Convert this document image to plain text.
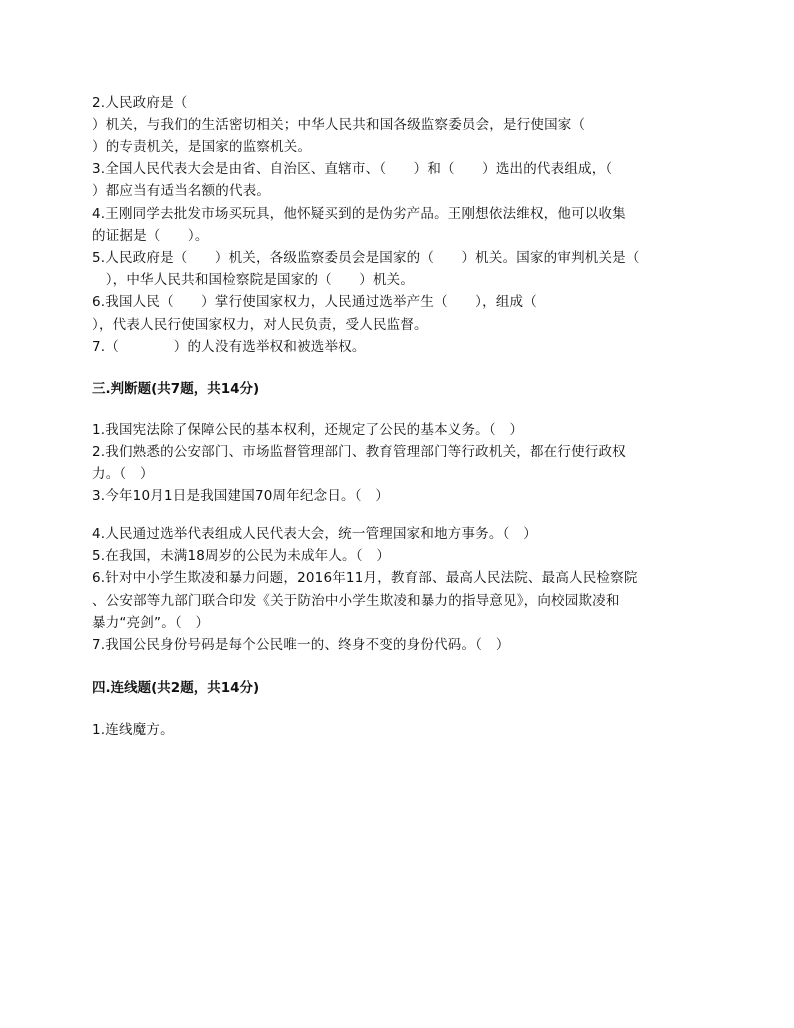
2.人民政府是（
）机关，与我们的生活密切相关；中华人民共和国各级监察委员会，是行使国家（
）的专责机关，是国家的监察机关。
3.全国人民代表大会是由省、自治区、直辖市、（　　）和（　　）选出的代表组成，（
）都应当有适当名额的代表。
4.王刚同学去批发市场买玩具，他怀疑买到的是伪劣产品。王刚想依法维权，他可以收集
的证据是（　　）。
5.人民政府是（　　）机关，各级监察委员会是国家的（　　）机关。国家的审判机关是（
　），中华人民共和国检察院是国家的（　　）机关。
6.我国人民（　　）掌行使国家权力，人民通过选举产生（　　），组成（
），代表人民行使国家权力，对人民负责，受人民监督。
7.（　　　　）的人没有选举权和被选举权。
三.判断题(共7题，共14分)
1.我国宪法除了保障公民的基本权利，还规定了公民的基本义务。（　）
2.我们熟悉的公安部门、市场监督管理部门、教育管理部门等行政机关，都在行使行政权
力。（　）
3.今年10月1日是我国建国70周年纪念日。（　）
4.人民通过选举代表组成人民代表大会，统一管理国家和地方事务。（　）
5.在我国，未满18周岁的公民为未成年人。（　）
6.针对中小学生欺凌和暴力问题，2016年11月，教育部、最高人民法院、最高人民检察院
、公安部等九部门联合印发《关于防治中小学生欺凌和暴力的指导意见》，向校园欺凌和
暴力“亮剑”。（　）
7.我国公民身份号码是每个公民唯一的、终身不变的身份代码。（　）
四.连线题(共2题，共14分)
1.连线魔方。
